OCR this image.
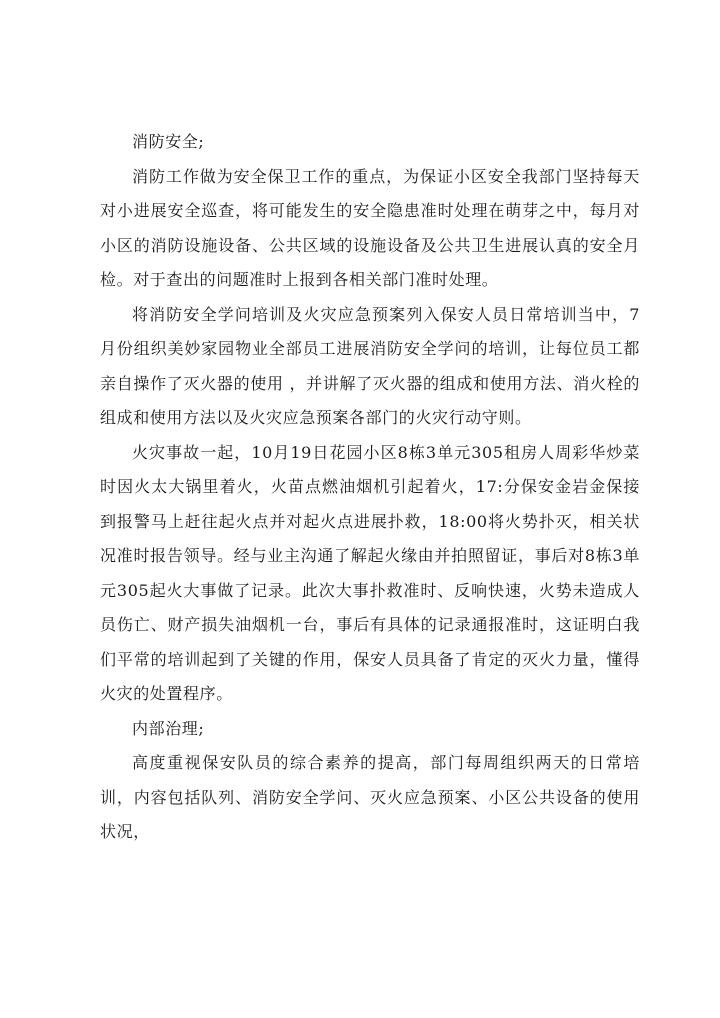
消防安全;

消防工作做为安全保卫工作的重点，为保证小区安全我部门坚持每天对小进展安全巡查，将可能发生的安全隐患准时处理在萌芽之中，每月对小区的消防设施设备、公共区域的设施设备及公共卫生进展认真的安全月检。对于查出的问题准时上报到各相关部门准时处理。

将消防安全学问培训及火灾应急预案列入保安人员日常培训当中，7月份组织美妙家园物业全部员工进展消防安全学问的培训，让每位员工都亲自操作了灭火器的使用 ，并讲解了灭火器的组成和使用方法、消火栓的组成和使用方法以及火灾应急预案各部门的火灾行动守则。

火灾事故一起，10月19日花园小区8栋3单元305租房人周彩华炒菜时因火太大锅里着火，火苗点燃油烟机引起着火，17:分保安金岩金保接到报警马上赶往起火点并对起火点进展扑救，18:00将火势扑灭，相关状况准时报告领导。经与业主沟通了解起火缘由并拍照留证，事后对8栋3单元305起火大事做了记录。此次大事扑救准时、反响快速，火势未造成人员伤亡、财产损失油烟机一台，事后有具体的记录通报准时，这证明白我们平常的培训起到了关键的作用，保安人员具备了肯定的灭火力量，懂得火灾的处置程序。

内部治理;

高度重视保安队员的综合素养的提高，部门每周组织两天的日常培训，内容包括队列、消防安全学问、灭火应急预案、小区公共设备的使用状况，
